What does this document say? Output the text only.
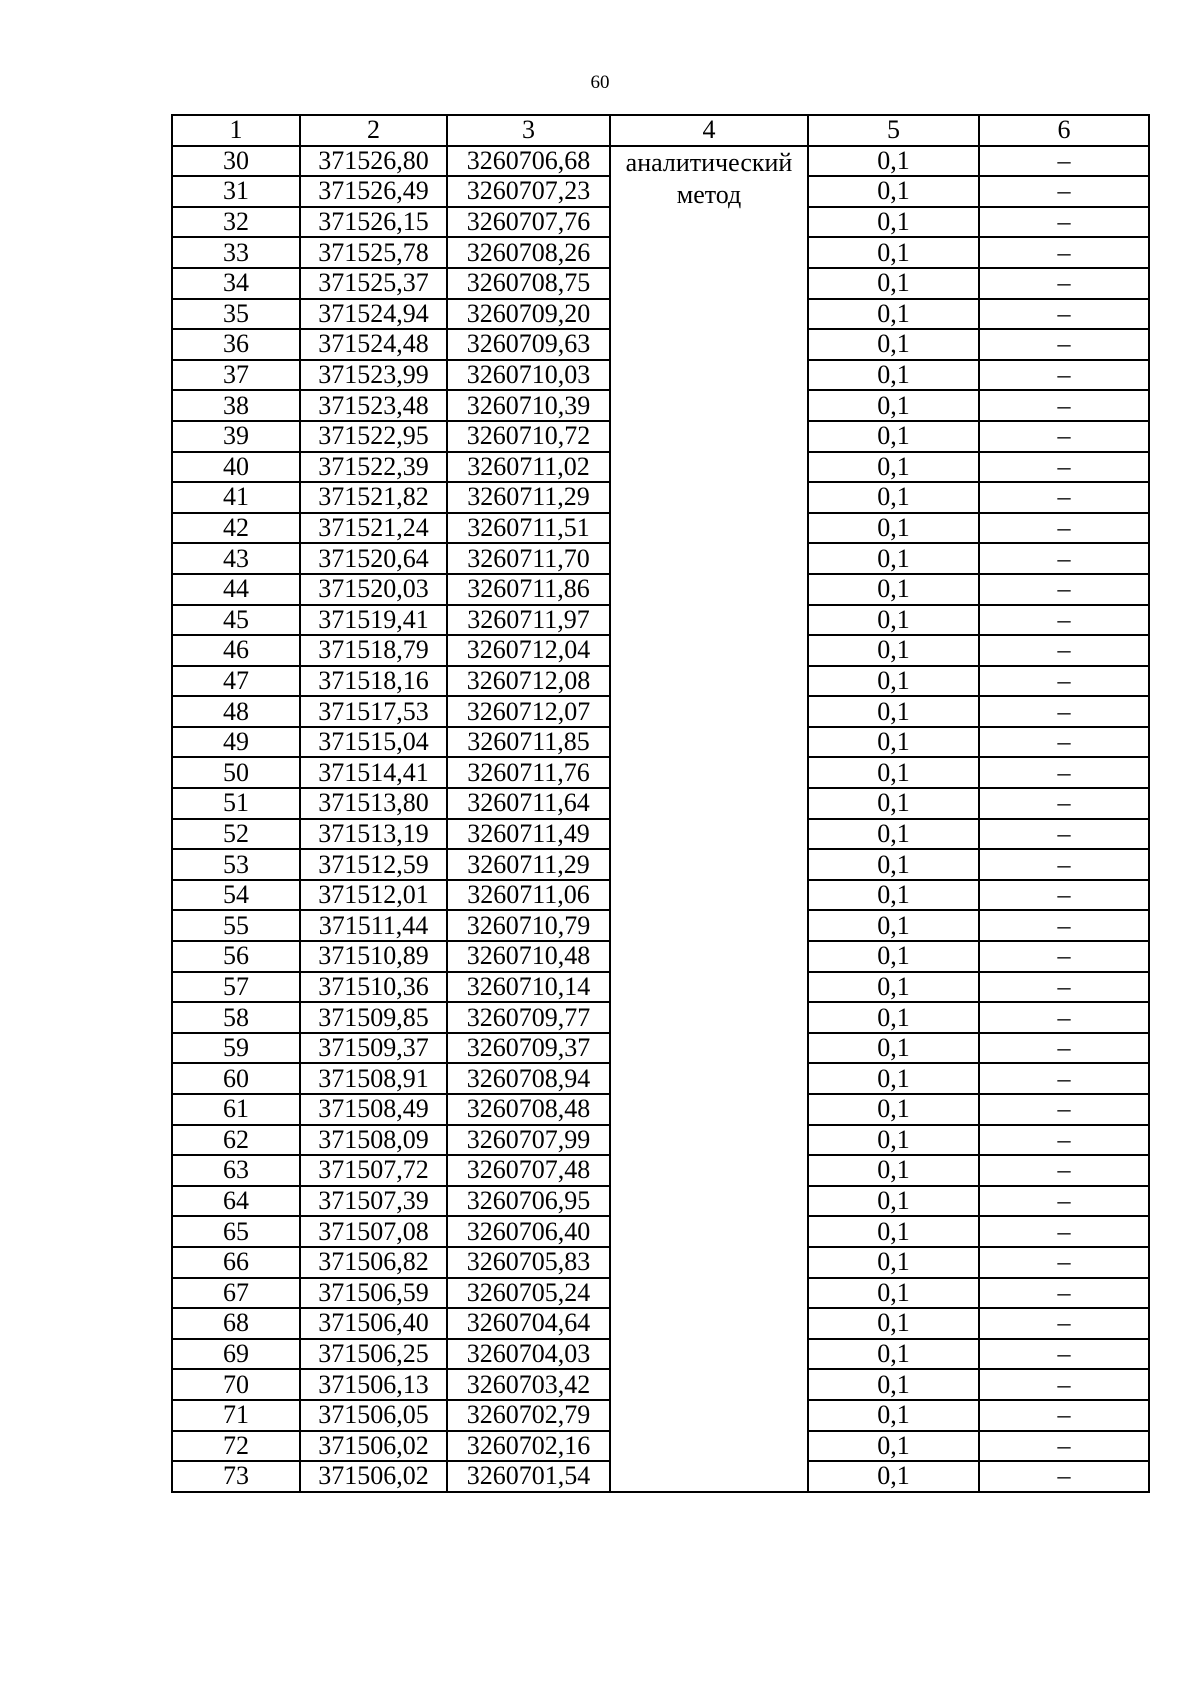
60
1	2	3	4	5	6
30	371526,80	3260706,68	аналитический метод	0,1	–
31	371526,49	3260707,23		0,1	–
32	371526,15	3260707,76		0,1	–
33	371525,78	3260708,26		0,1	–
34	371525,37	3260708,75		0,1	–
35	371524,94	3260709,20		0,1	–
36	371524,48	3260709,63		0,1	–
37	371523,99	3260710,03		0,1	–
38	371523,48	3260710,39		0,1	–
39	371522,95	3260710,72		0,1	–
40	371522,39	3260711,02		0,1	–
41	371521,82	3260711,29		0,1	–
42	371521,24	3260711,51		0,1	–
43	371520,64	3260711,70		0,1	–
44	371520,03	3260711,86		0,1	–
45	371519,41	3260711,97		0,1	–
46	371518,79	3260712,04		0,1	–
47	371518,16	3260712,08		0,1	–
48	371517,53	3260712,07		0,1	–
49	371515,04	3260711,85		0,1	–
50	371514,41	3260711,76		0,1	–
51	371513,80	3260711,64		0,1	–
52	371513,19	3260711,49		0,1	–
53	371512,59	3260711,29		0,1	–
54	371512,01	3260711,06		0,1	–
55	371511,44	3260710,79		0,1	–
56	371510,89	3260710,48		0,1	–
57	371510,36	3260710,14		0,1	–
58	371509,85	3260709,77		0,1	–
59	371509,37	3260709,37		0,1	–
60	371508,91	3260708,94		0,1	–
61	371508,49	3260708,48		0,1	–
62	371508,09	3260707,99		0,1	–
63	371507,72	3260707,48		0,1	–
64	371507,39	3260706,95		0,1	–
65	371507,08	3260706,40		0,1	–
66	371506,82	3260705,83		0,1	–
67	371506,59	3260705,24		0,1	–
68	371506,40	3260704,64		0,1	–
69	371506,25	3260704,03		0,1	–
70	371506,13	3260703,42		0,1	–
71	371506,05	3260702,79		0,1	–
72	371506,02	3260702,16		0,1	–
73	371506,02	3260701,54		0,1	–
